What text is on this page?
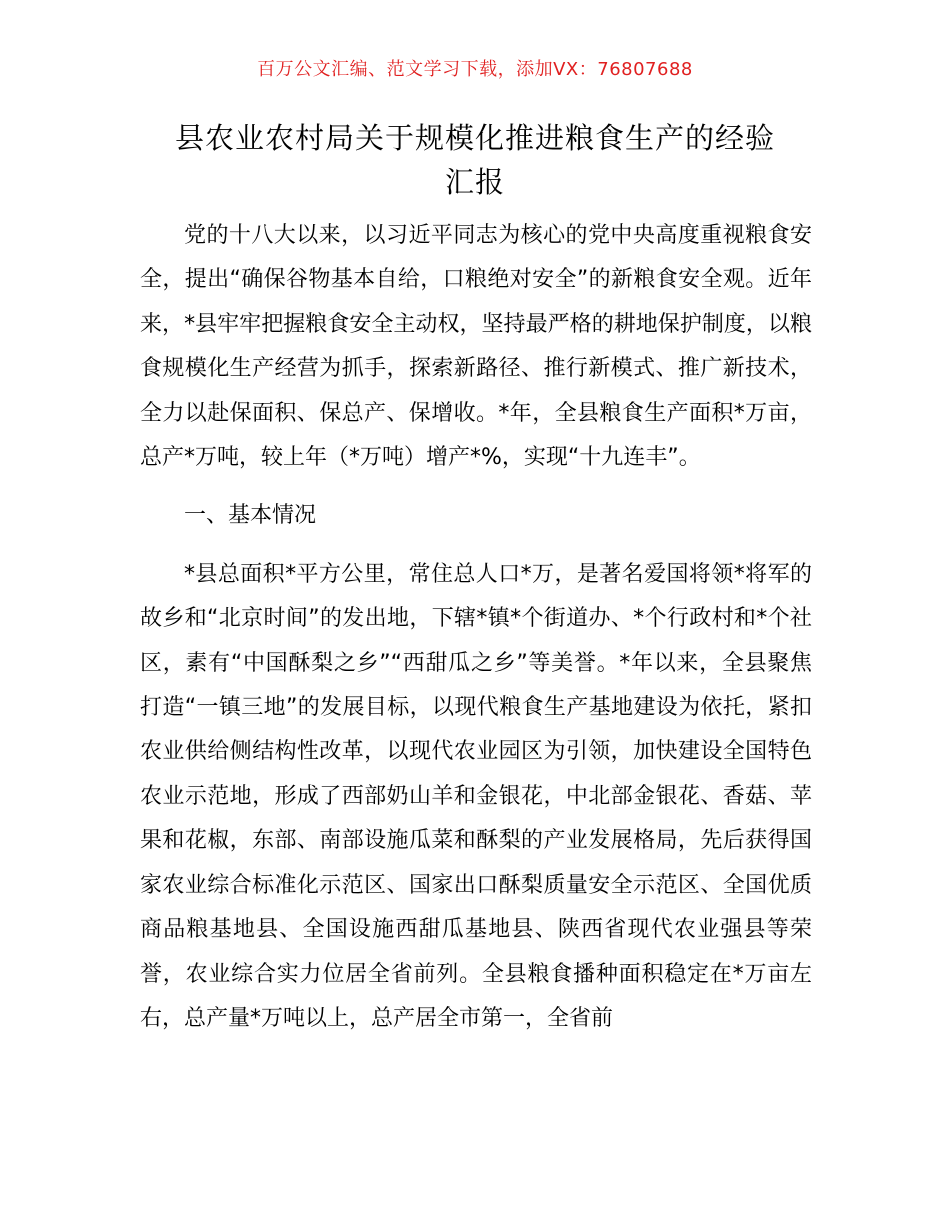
百万公文汇编、范文学习下载，添加VX：76807688
县农业农村局关于规模化推进粮食生产的经验
汇报

党的十八大以来，以习近平同志为核心的党中央高度重视粮食安全，提出“确保谷物基本自给，口粮绝对安全”的新粮食安全观。近年来，*县牢牢把握粮食安全主动权，坚持最严格的耕地保护制度，以粮食规模化生产经营为抓手，探索新路径、推行新模式、推广新技术，全力以赴保面积、保总产、保增收。*年，全县粮食生产面积*万亩，总产*万吨，较上年（*万吨）增产*%，实现“十九连丰”。

一、基本情况

*县总面积*平方公里，常住总人口*万，是著名爱国将领*将军的故乡和“北京时间”的发出地，下辖*镇*个街道办、*个行政村和*个社区，素有“中国酥梨之乡”“西甜瓜之乡”等美誉。*年以来，全县聚焦打造“一镇三地”的发展目标，以现代粮食生产基地建设为依托，紧扣农业供给侧结构性改革，以现代农业园区为引领，加快建设全国特色农业示范地，形成了西部奶山羊和金银花，中北部金银花、香菇、苹果和花椒，东部、南部设施瓜菜和酥梨的产业发展格局，先后获得国家农业综合标准化示范区、国家出口酥梨质量安全示范区、全国优质商品粮基地县、全国设施西甜瓜基地县、陕西省现代农业强县等荣誉，农业综合实力位居全省前列。全县粮食播种面积稳定在*万亩左右，总产量*万吨以上，总产居全市第一，全省前
